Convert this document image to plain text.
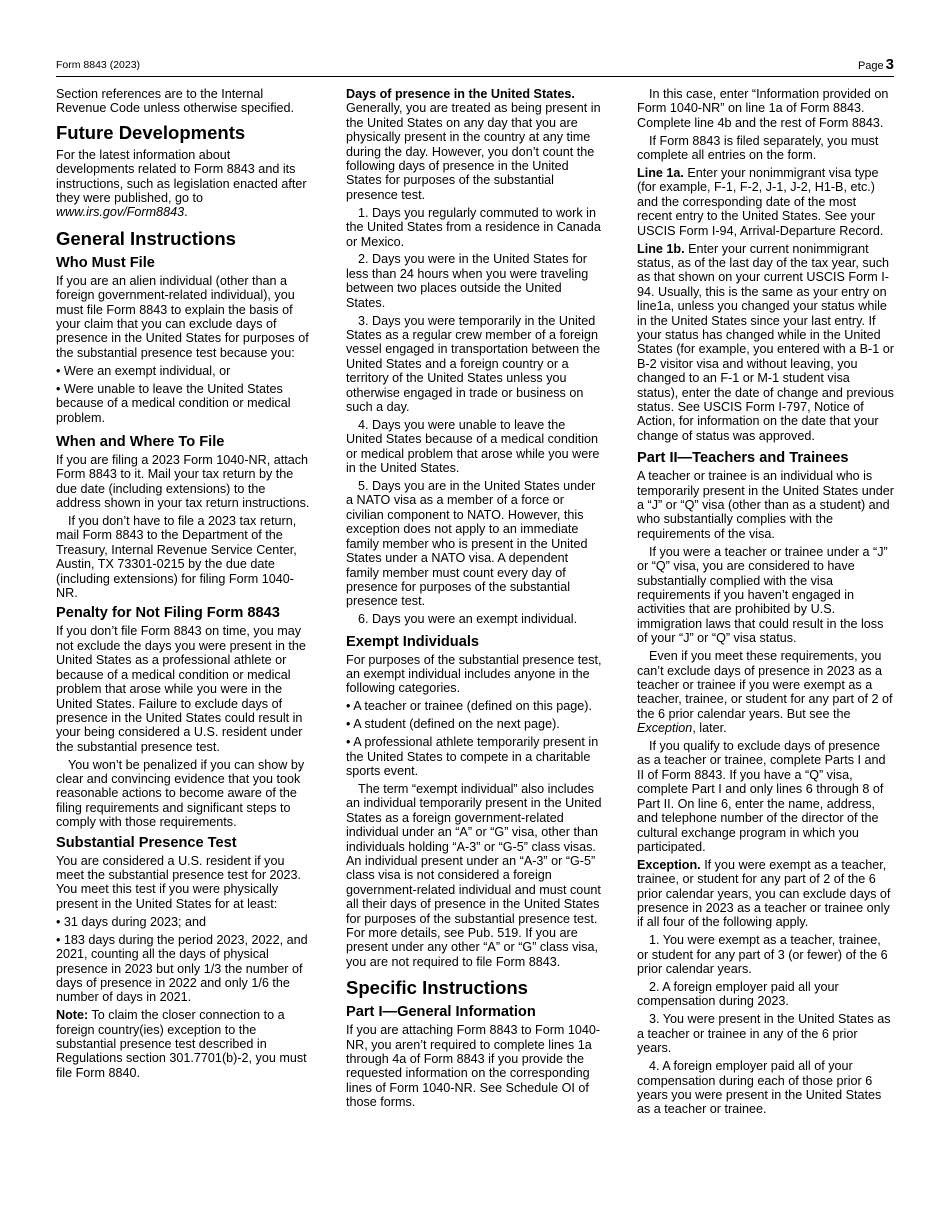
Form 8843 (2023)	Page 3

Section references are to the Internal Revenue Code unless otherwise specified.

Future Developments

For the latest information about developments related to Form 8843 and its instructions, such as legislation enacted after they were published, go to www.irs.gov/Form8843.

General Instructions
Who Must File

If you are an alien individual (other than a foreign government-related individual), you must file Form 8843 to explain the basis of your claim that you can exclude days of presence in the United States for purposes of the substantial presence test because you:

• Were an exempt individual, or

• Were unable to leave the United States because of a medical condition or medical problem.

When and Where To File

If you are filing a 2023 Form 1040-NR, attach Form 8843 to it. Mail your tax return by the due date (including extensions) to the address shown in your tax return instructions.

If you don’t have to file a 2023 tax return, mail Form 8843 to the Department of the Treasury, Internal Revenue Service Center, Austin, TX 73301-0215 by the due date (including extensions) for filing Form 1040-NR.

Penalty for Not Filing Form 8843

If you don’t file Form 8843 on time, you may not exclude the days you were present in the United States as a professional athlete or because of a medical condition or medical problem that arose while you were in the United States. Failure to exclude days of presence in the United States could result in your being considered a U.S. resident under the substantial presence test.

You won’t be penalized if you can show by clear and convincing evidence that you took reasonable actions to become aware of the filing requirements and significant steps to comply with those requirements.

Substantial Presence Test

You are considered a U.S. resident if you meet the substantial presence test for 2023. You meet this test if you were physically present in the United States for at least:

• 31 days during 2023; and

• 183 days during the period 2023, 2022, and 2021, counting all the days of physical presence in 2023 but only 1/3 the number of days of presence in 2022 and only 1/6 the number of days in 2021.

Note: To claim the closer connection to a foreign country(ies) exception to the substantial presence test described in Regulations section 301.7701(b)-2, you must file Form 8840.

Days of presence in the United States. Generally, you are treated as being present in the United States on any day that you are physically present in the country at any time during the day. However, you don’t count the following days of presence in the United States for purposes of the substantial presence test.

1. Days you regularly commuted to work in the United States from a residence in Canada or Mexico.

2. Days you were in the United States for less than 24 hours when you were traveling between two places outside the United States.

3. Days you were temporarily in the United States as a regular crew member of a foreign vessel engaged in transportation between the United States and a foreign country or a territory of the United States unless you otherwise engaged in trade or business on such a day.

4. Days you were unable to leave the United States because of a medical condition or medical problem that arose while you were in the United States.

5. Days you are in the United States under a NATO visa as a member of a force or civilian component to NATO. However, this exception does not apply to an immediate family member who is present in the United States under a NATO visa. A dependent family member must count every day of presence for purposes of the substantial presence test.

6. Days you were an exempt individual.

Exempt Individuals

For purposes of the substantial presence test, an exempt individual includes anyone in the following categories.

• A teacher or trainee (defined on this page).

• A student (defined on the next page).

• A professional athlete temporarily present in the United States to compete in a charitable sports event.

The term “exempt individual” also includes an individual temporarily present in the United States as a foreign government-related individual under an “A” or “G” visa, other than individuals holding “A-3” or “G-5” class visas. An individual present under an “A-3” or “G-5” class visa is not considered a foreign government-related individual and must count all their days of presence in the United States for purposes of the substantial presence test. For more details, see Pub. 519. If you are present under any other “A” or “G” class visa, you are not required to file Form 8843.

Specific Instructions
Part I—General Information

If you are attaching Form 8843 to Form 1040-NR, you aren’t required to complete lines 1a through 4a of Form 8843 if you provide the requested information on the corresponding lines of Form 1040-NR. See Schedule OI of those forms.

In this case, enter “Information provided on Form 1040-NR” on line 1a of Form 8843. Complete line 4b and the rest of Form 8843.

If Form 8843 is filed separately, you must complete all entries on the form.

Line 1a. Enter your nonimmigrant visa type (for example, F-1, F-2, J-1, J-2, H1-B, etc.) and the corresponding date of the most recent entry to the United States. See your USCIS Form I-94, Arrival-Departure Record.

Line 1b. Enter your current nonimmigrant status, as of the last day of the tax year, such as that shown on your current USCIS Form I-94. Usually, this is the same as your entry on line1a, unless you changed your status while in the United States since your last entry. If your status has changed while in the United States (for example, you entered with a B-1 or B-2 visitor visa and without leaving, you changed to an F-1 or M-1 student visa status), enter the date of change and previous status. See USCIS Form I-797, Notice of Action, for information on the date that your change of status was approved.

Part II—Teachers and Trainees

A teacher or trainee is an individual who is temporarily present in the United States under a “J” or “Q” visa (other than as a student) and who substantially complies with the requirements of the visa.

If you were a teacher or trainee under a “J” or “Q” visa, you are considered to have substantially complied with the visa requirements if you haven’t engaged in activities that are prohibited by U.S. immigration laws that could result in the loss of your “J” or “Q” visa status.

Even if you meet these requirements, you can’t exclude days of presence in 2023 as a teacher or trainee if you were exempt as a teacher, trainee, or student for any part of 2 of the 6 prior calendar years. But see the Exception, later.

If you qualify to exclude days of presence as a teacher or trainee, complete Parts I and II of Form 8843. If you have a “Q” visa, complete Part I and only lines 6 through 8 of Part II. On line 6, enter the name, address, and telephone number of the director of the cultural exchange program in which you participated.

Exception. If you were exempt as a teacher, trainee, or student for any part of 2 of the 6 prior calendar years, you can exclude days of presence in 2023 as a teacher or trainee only if all four of the following apply.

1. You were exempt as a teacher, trainee, or student for any part of 3 (or fewer) of the 6 prior calendar years.

2. A foreign employer paid all your compensation during 2023.

3. You were present in the United States as a teacher or trainee in any of the 6 prior years.

4. A foreign employer paid all of your compensation during each of those prior 6 years you were present in the United States as a teacher or trainee.
